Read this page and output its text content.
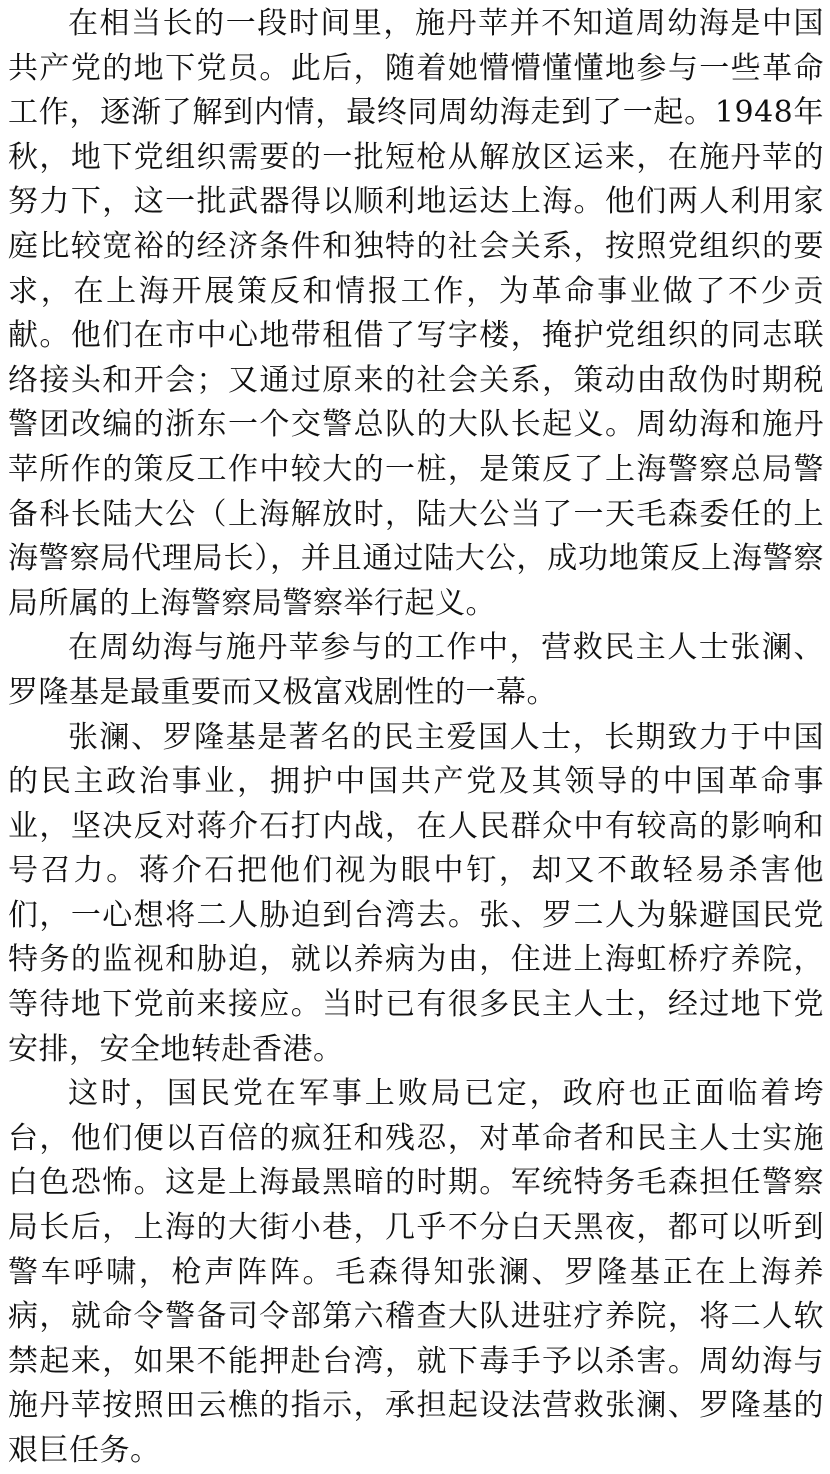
在相当长的一段时间里，施丹苹并不知道周幼海是中国共产党的地下党员。此后，随着她懵懵懂懂地参与一些革命工作，逐渐了解到内情，最终同周幼海走到了一起。1948年秋，地下党组织需要的一批短枪从解放区运来，在施丹苹的努力下，这一批武器得以顺利地运达上海。他们两人利用家庭比较宽裕的经济条件和独特的社会关系，按照党组织的要求，在上海开展策反和情报工作，为革命事业做了不少贡献。他们在市中心地带租借了写字楼，掩护党组织的同志联络接头和开会；又通过原来的社会关系，策动由敌伪时期税警团改编的浙东一个交警总队的大队长起义。周幼海和施丹苹所作的策反工作中较大的一桩，是策反了上海警察总局警备科长陆大公（上海解放时，陆大公当了一天毛森委任的上海警察局代理局长），并且通过陆大公，成功地策反上海警察局所属的上海警察局警察举行起义。

在周幼海与施丹苹参与的工作中，营救民主人士张澜、罗隆基是最重要而又极富戏剧性的一幕。

张澜、罗隆基是著名的民主爱国人士，长期致力于中国的民主政治事业，拥护中国共产党及其领导的中国革命事业，坚决反对蒋介石打内战，在人民群众中有较高的影响和号召力。蒋介石把他们视为眼中钉，却又不敢轻易杀害他们，一心想将二人胁迫到台湾去。张、罗二人为躲避国民党特务的监视和胁迫，就以养病为由，住进上海虹桥疗养院，等待地下党前来接应。当时已有很多民主人士，经过地下党安排，安全地转赴香港。

这时，国民党在军事上败局已定，政府也正面临着垮台，他们便以百倍的疯狂和残忍，对革命者和民主人士实施白色恐怖。这是上海最黑暗的时期。军统特务毛森担任警察局长后，上海的大街小巷，几乎不分白天黑夜，都可以听到警车呼啸，枪声阵阵。毛森得知张澜、罗隆基正在上海养病，就命令警备司令部第六稽查大队进驻疗养院，将二人软禁起来，如果不能押赴台湾，就下毒手予以杀害。周幼海与施丹苹按照田云樵的指示，承担起设法营救张澜、罗隆基的艰巨任务。
